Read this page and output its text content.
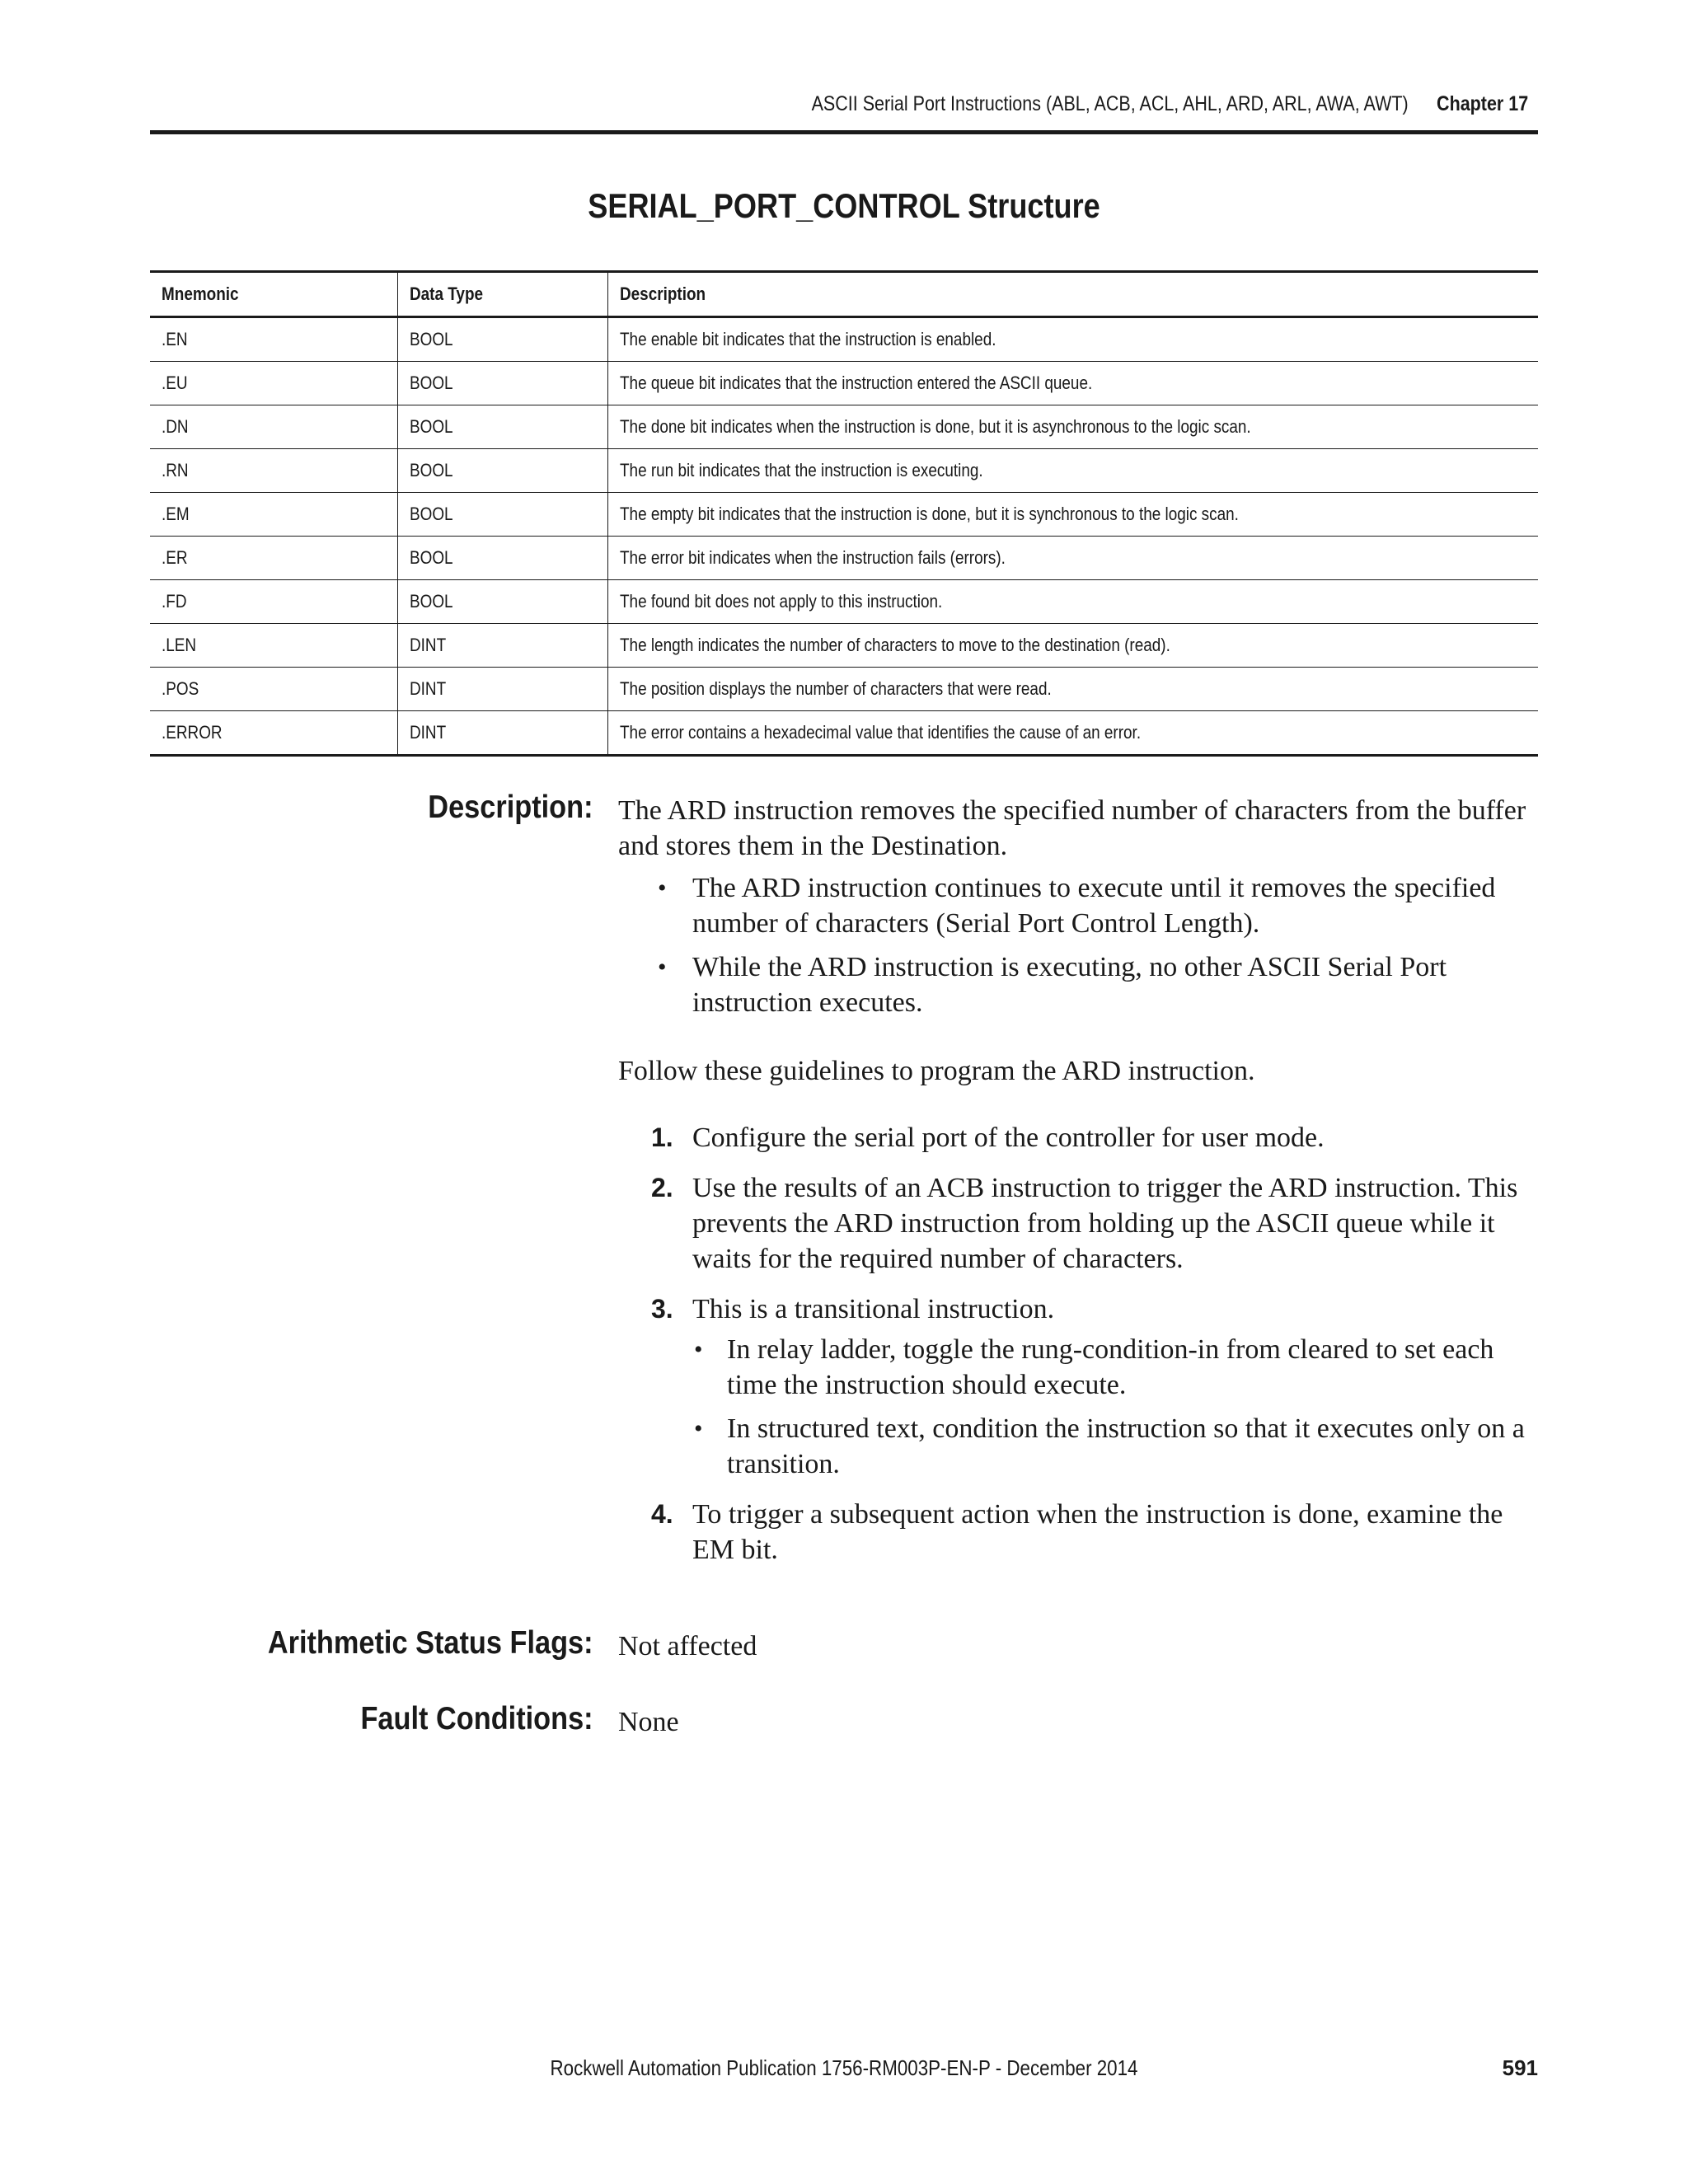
ASCII Serial Port Instructions (ABL, ACB, ACL, AHL, ARD, ARL, AWA, AWT) Chapter 17
SERIAL_PORT_CONTROL Structure
Mnemonic	Data Type	Description
.EN	BOOL	The enable bit indicates that the instruction is enabled.
.EU	BOOL	The queue bit indicates that the instruction entered the ASCII queue.
.DN	BOOL	The done bit indicates when the instruction is done, but it is asynchronous to the logic scan.
.RN	BOOL	The run bit indicates that the instruction is executing.
.EM	BOOL	The empty bit indicates that the instruction is done, but it is synchronous to the logic scan.
.ER	BOOL	The error bit indicates when the instruction fails (errors).
.FD	BOOL	The found bit does not apply to this instruction.
.LEN	DINT	The length indicates the number of characters to move to the destination (read).
.POS	DINT	The position displays the number of characters that were read.
.ERROR	DINT	The error contains a hexadecimal value that identifies the cause of an error.
Description: The ARD instruction removes the specified number of characters from the buffer and stores them in the Destination.

• The ARD instruction continues to execute until it removes the specified number of characters (Serial Port Control Length).
• While the ARD instruction is executing, no other ASCII Serial Port instruction executes.

Follow these guidelines to program the ARD instruction.

1. Configure the serial port of the controller for user mode.
2. Use the results of an ACB instruction to trigger the ARD instruction. This prevents the ARD instruction from holding up the ASCII queue while it waits for the required number of characters.
3. This is a transitional instruction.
• In relay ladder, toggle the rung-condition-in from cleared to set each time the instruction should execute.
• In structured text, condition the instruction so that it executes only on a transition.
4. To trigger a subsequent action when the instruction is done, examine the EM bit.
Arithmetic Status Flags: Not affected
Fault Conditions: None
Rockwell Automation Publication 1756-RM003P-EN-P - December 2014	591
